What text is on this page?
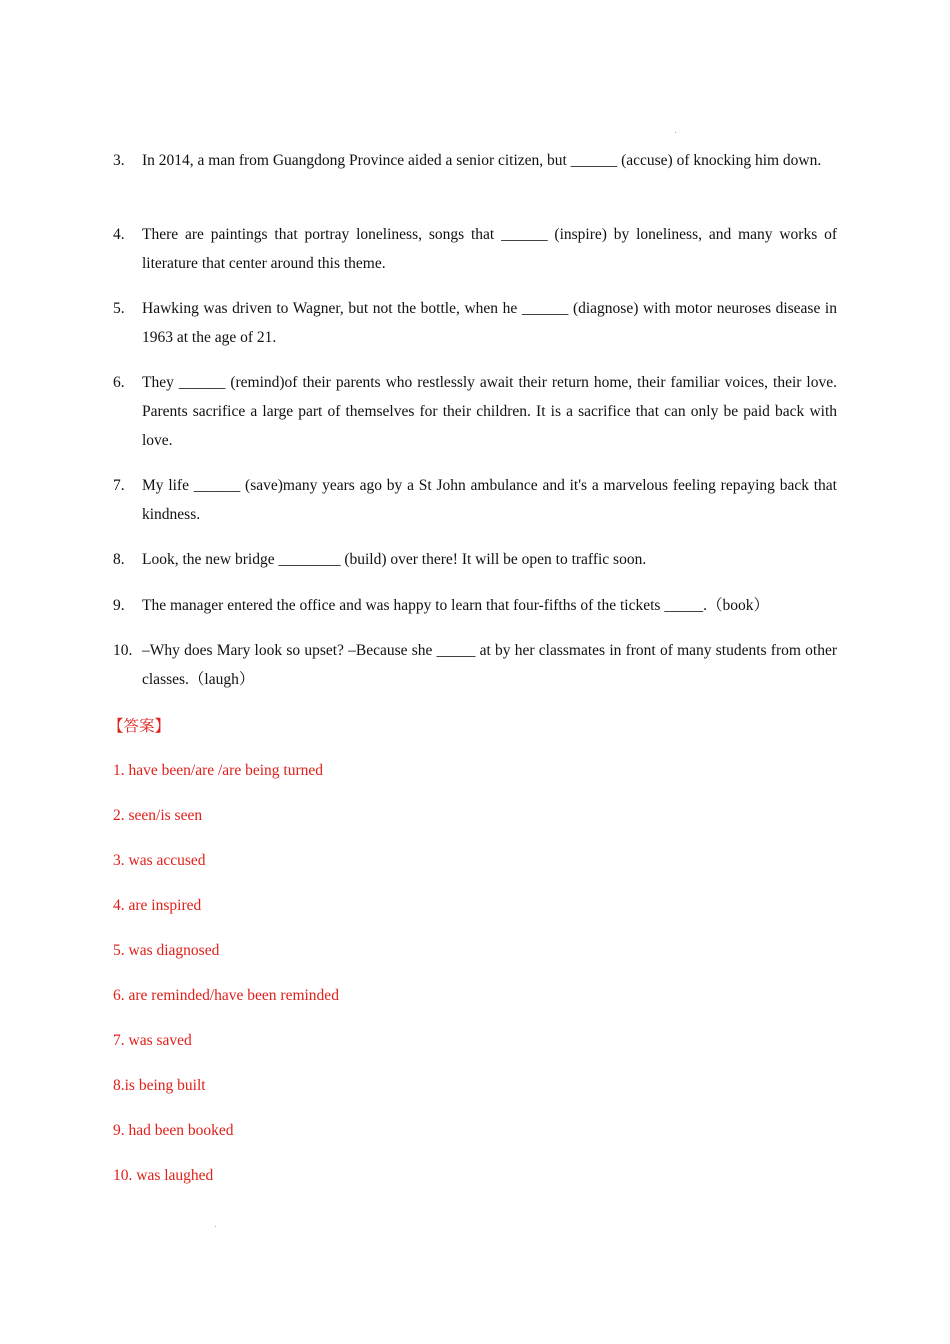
3. In 2014, a man from Guangdong Province aided a senior citizen, but ______ (accuse) of knocking him down.
4. There are paintings that portray loneliness, songs that ______ (inspire) by loneliness, and many works of literature that center around this theme.
5. Hawking was driven to Wagner, but not the bottle, when he ______ (diagnose) with motor neuroses disease in 1963 at the age of 21.
6. They ______ (remind)of their parents who restlessly await their return home, their familiar voices, their love. Parents sacrifice a large part of themselves for their children. It is a sacrifice that can only be paid back with love.
7. My life ______ (save)many years ago by a St John ambulance and it's a marvelous feeling repaying back that kindness.
8. Look, the new bridge ________ (build) over there! It will be open to traffic soon.
9. The manager entered the office and was happy to learn that four-fifths of the tickets _____.（book）
10. –Why does Mary look so upset? –Because she _____ at by her classmates in front of many students from other classes.（laugh）
【答案】
1. have been/are /are being turned
2. seen/is seen
3. was accused
4. are inspired
5. was diagnosed
6. are reminded/have been reminded
7. was saved
8.is being built
9. had been booked
10. was laughed
